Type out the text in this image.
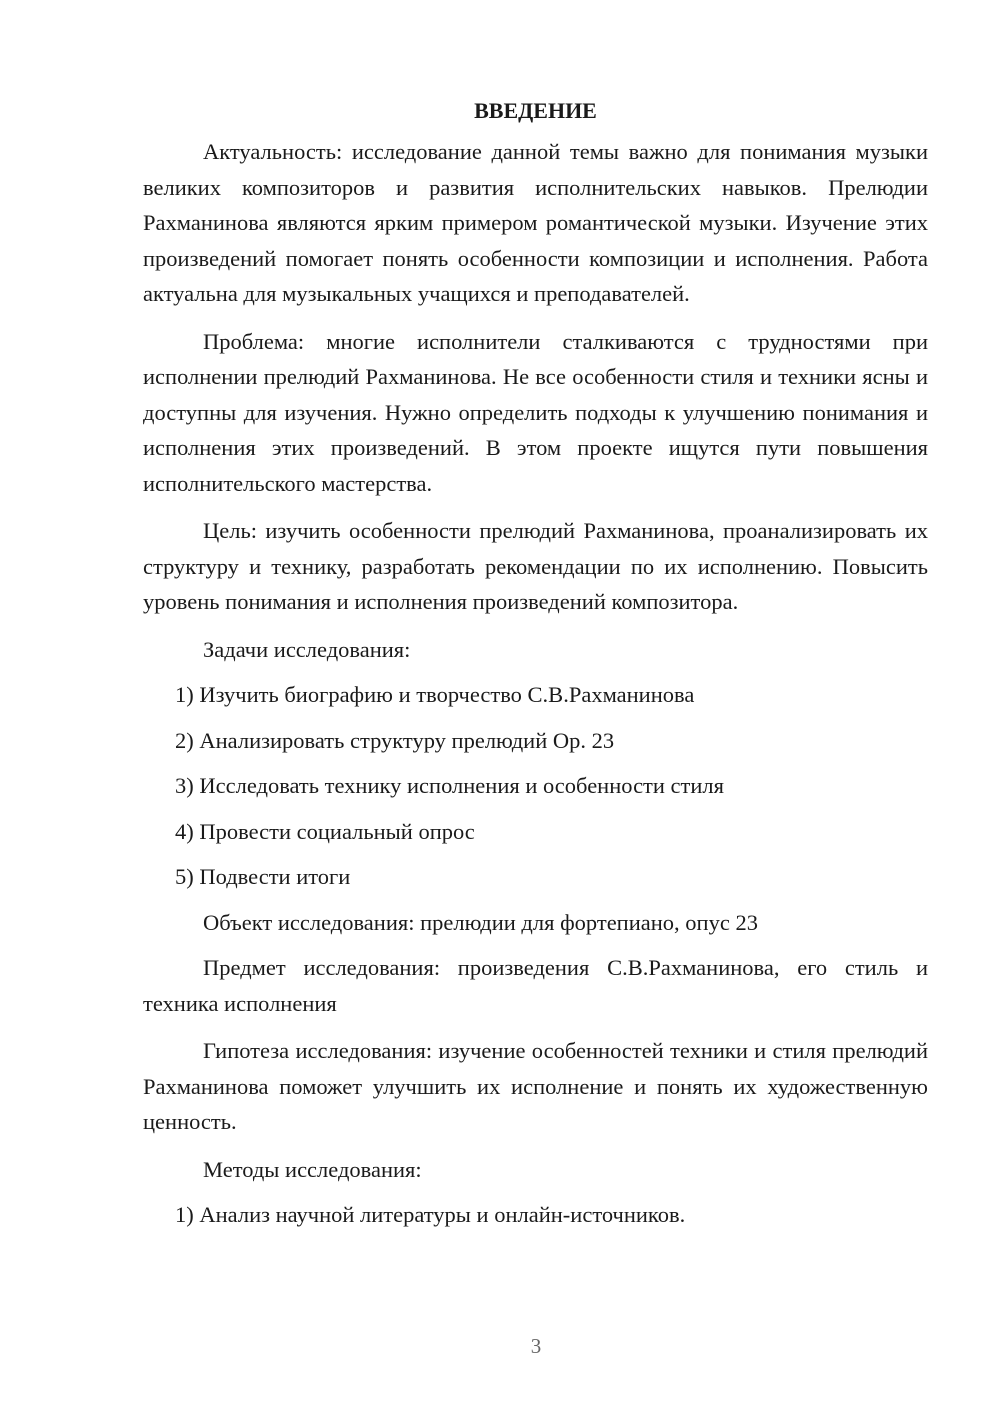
ВВЕДЕНИЕ

Актуальность: исследование данной темы важно для понимания музыки великих композиторов и развития исполнительских навыков. Прелюдии Рахманинова являются ярким примером романтической музыки. Изучение этих произведений помогает понять особенности композиции и исполнения. Работа актуальна для музыкальных учащихся и преподавателей.

Проблема: многие исполнители сталкиваются с трудностями при исполнении прелюдий Рахманинова. Не все особенности стиля и техники ясны и доступны для изучения. Нужно определить подходы к улучшению понимания и исполнения этих произведений. В этом проекте ищутся пути повышения исполнительского мастерства.

Цель: изучить особенности прелюдий Рахманинова, проанализировать их структуру и технику, разработать рекомендации по их исполнению. Повысить уровень понимания и исполнения произведений композитора.

Задачи исследования:

1) Изучить биографию и творчество С.В.Рахманинова
2) Анализировать структуру прелюдий Op. 23
3) Исследовать технику исполнения и особенности стиля
4) Провести социальный опрос
5) Подвести итоги

Объект исследования: прелюдии для фортепиано, опус 23

Предмет исследования: произведения С.В.Рахманинова, его стиль и техника исполнения

Гипотеза исследования: изучение особенностей техники и стиля прелюдий Рахманинова поможет улучшить их исполнение и понять их художественную ценность.

Методы исследования:

1) Анализ научной литературы и онлайн-источников.
3
